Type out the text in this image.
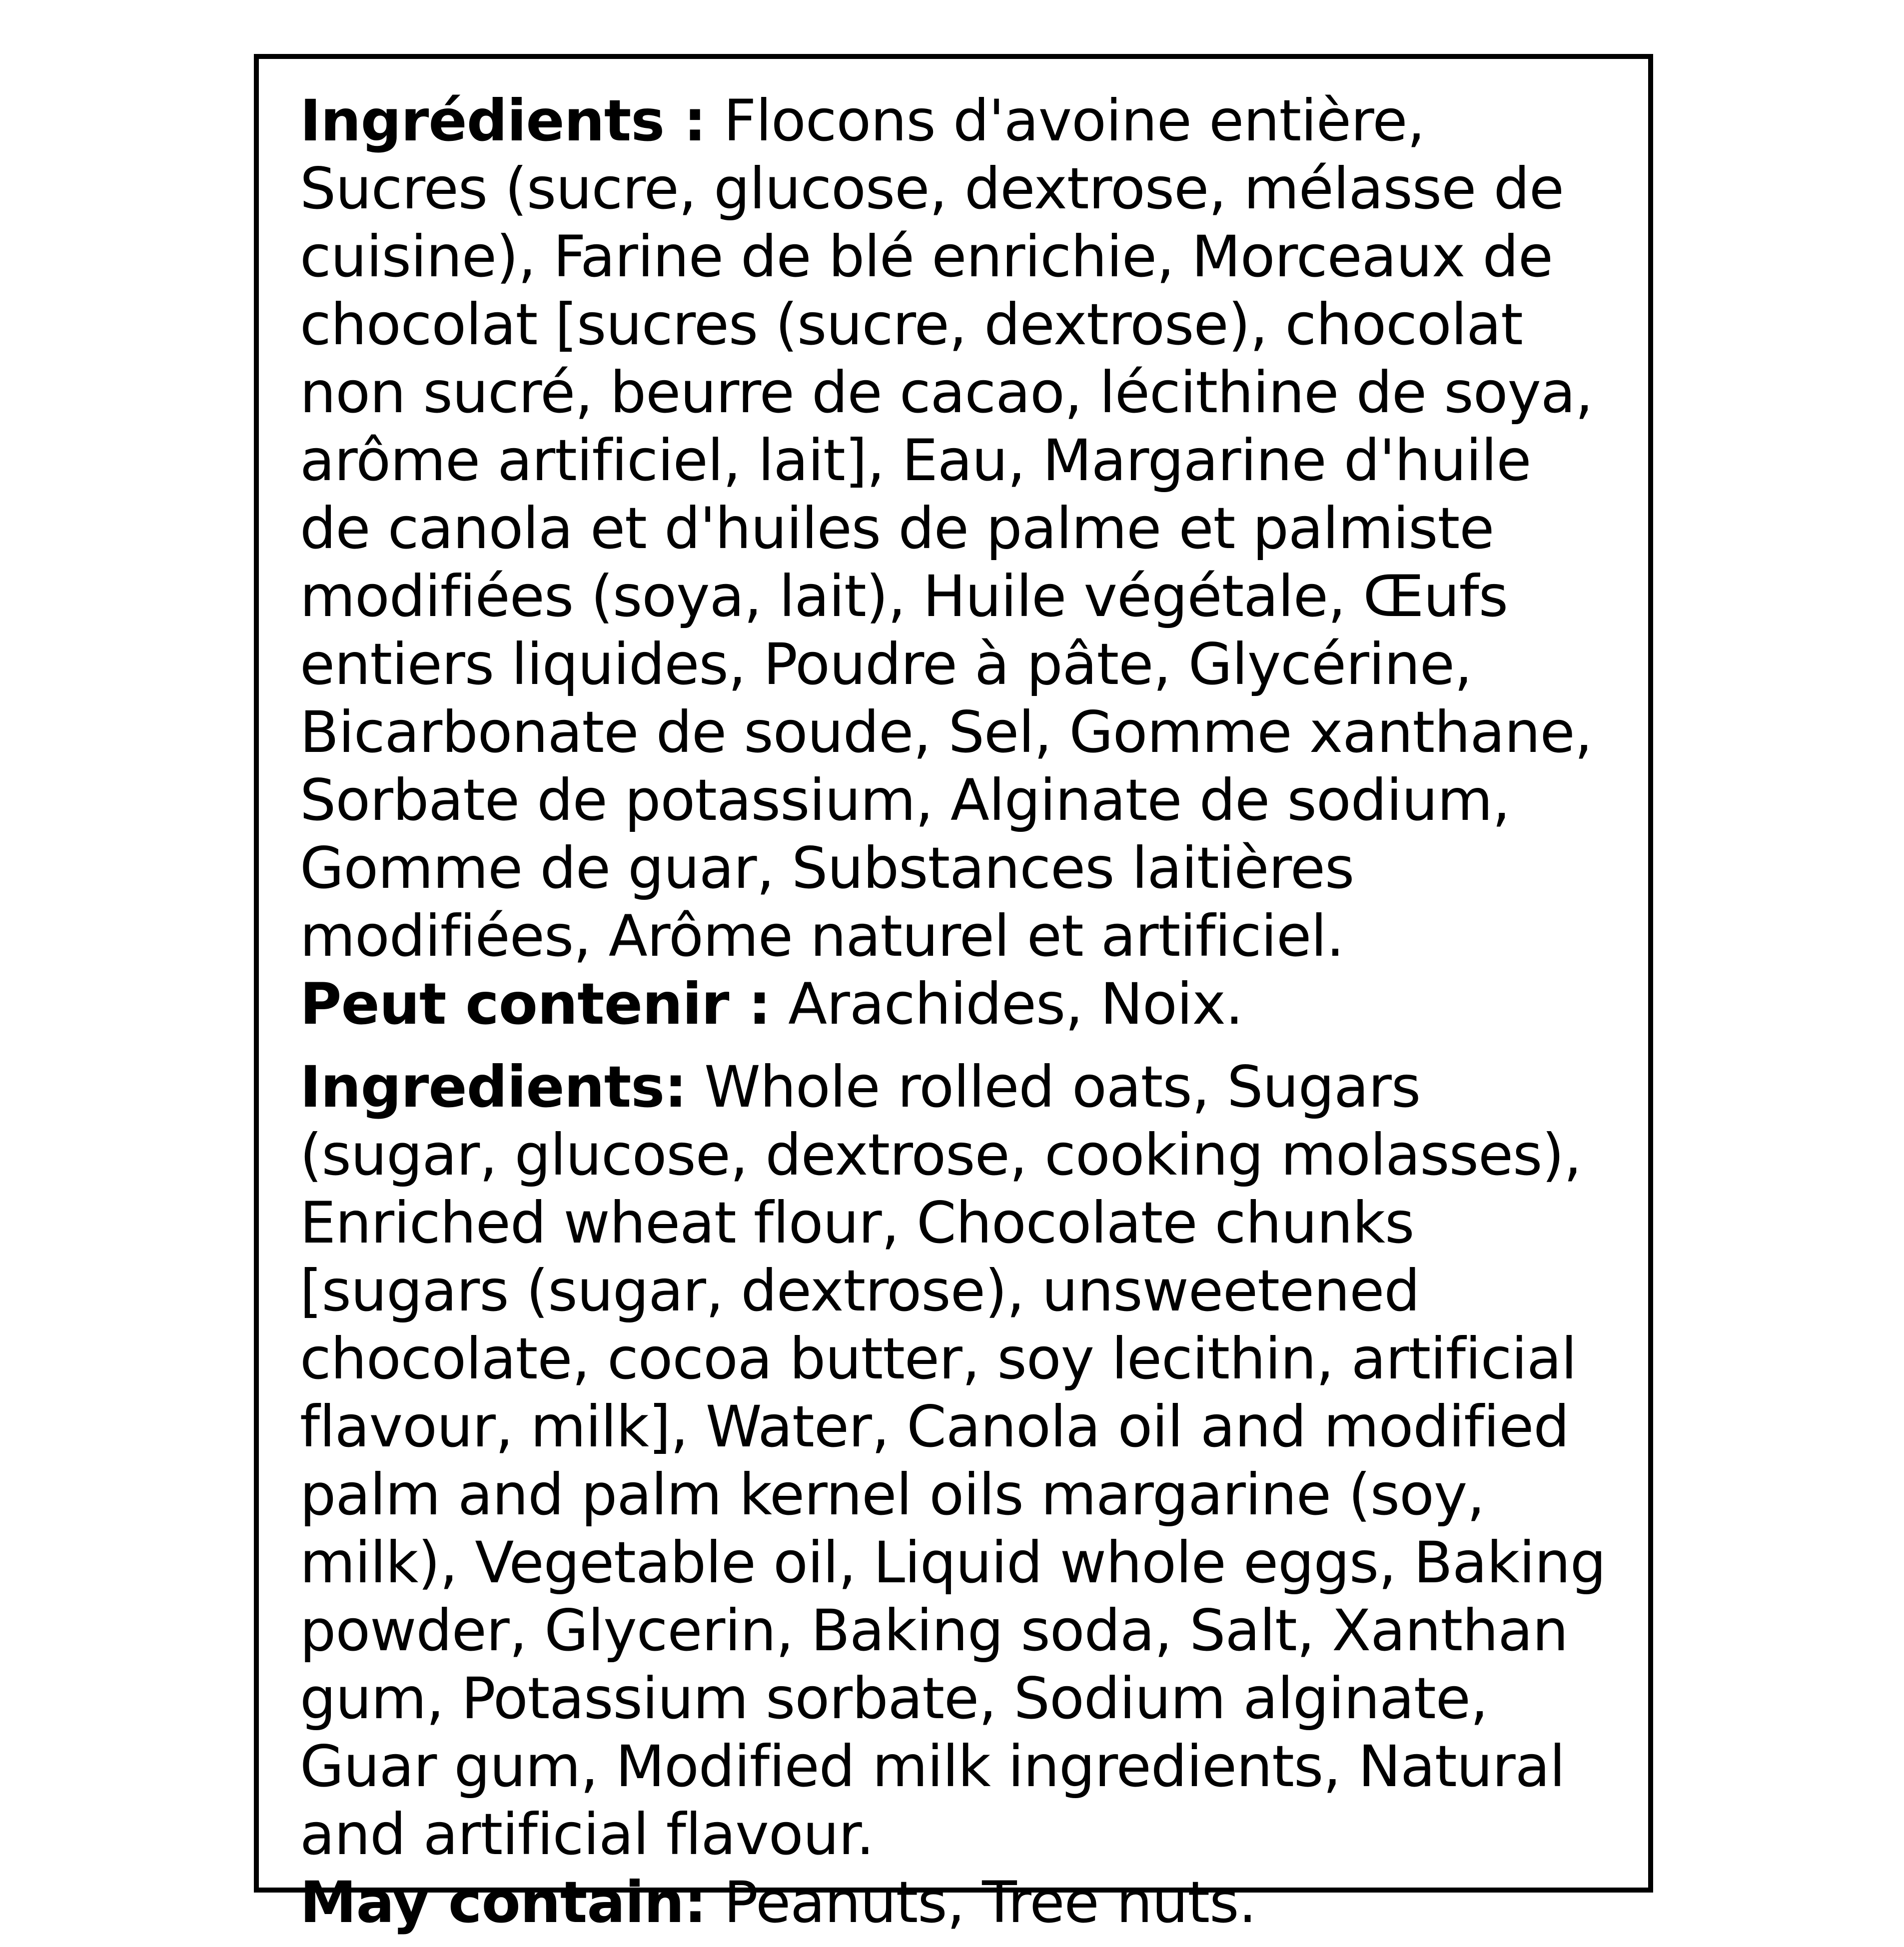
Ingrédients : Flocons d'avoine entière, Sucres (sucre, glucose, dextrose, mélasse de cuisine), Farine de blé enrichie, Morceaux de chocolat [sucres (sucre, dextrose), chocolat non sucré, beurre de cacao, lécithine de soya, arôme artificiel, lait], Eau, Margarine d'huile de canola et d'huiles de palme et palmiste modifiées (soya, lait), Huile végétale, Œufs entiers liquides, Poudre à pâte, Glycérine, Bicarbonate de soude, Sel, Gomme xanthane, Sorbate de potassium, Alginate de sodium, Gomme de guar, Substances laitières modifiées, Arôme naturel et artificiel.

Peut contenir : Arachides, Noix.

Ingredients: Whole rolled oats, Sugars (sugar, glucose, dextrose, cooking molasses), Enriched wheat flour, Chocolate chunks [sugars (sugar, dextrose), unsweetened chocolate, cocoa butter, soy lecithin, artificial flavour, milk], Water, Canola oil and modified palm and palm kernel oils margarine (soy, milk), Vegetable oil, Liquid whole eggs, Baking powder, Glycerin, Baking soda, Salt, Xanthan gum, Potassium sorbate, Sodium alginate, Guar gum, Modified milk ingredients, Natural and artificial flavour.

May contain: Peanuts, Tree nuts.
